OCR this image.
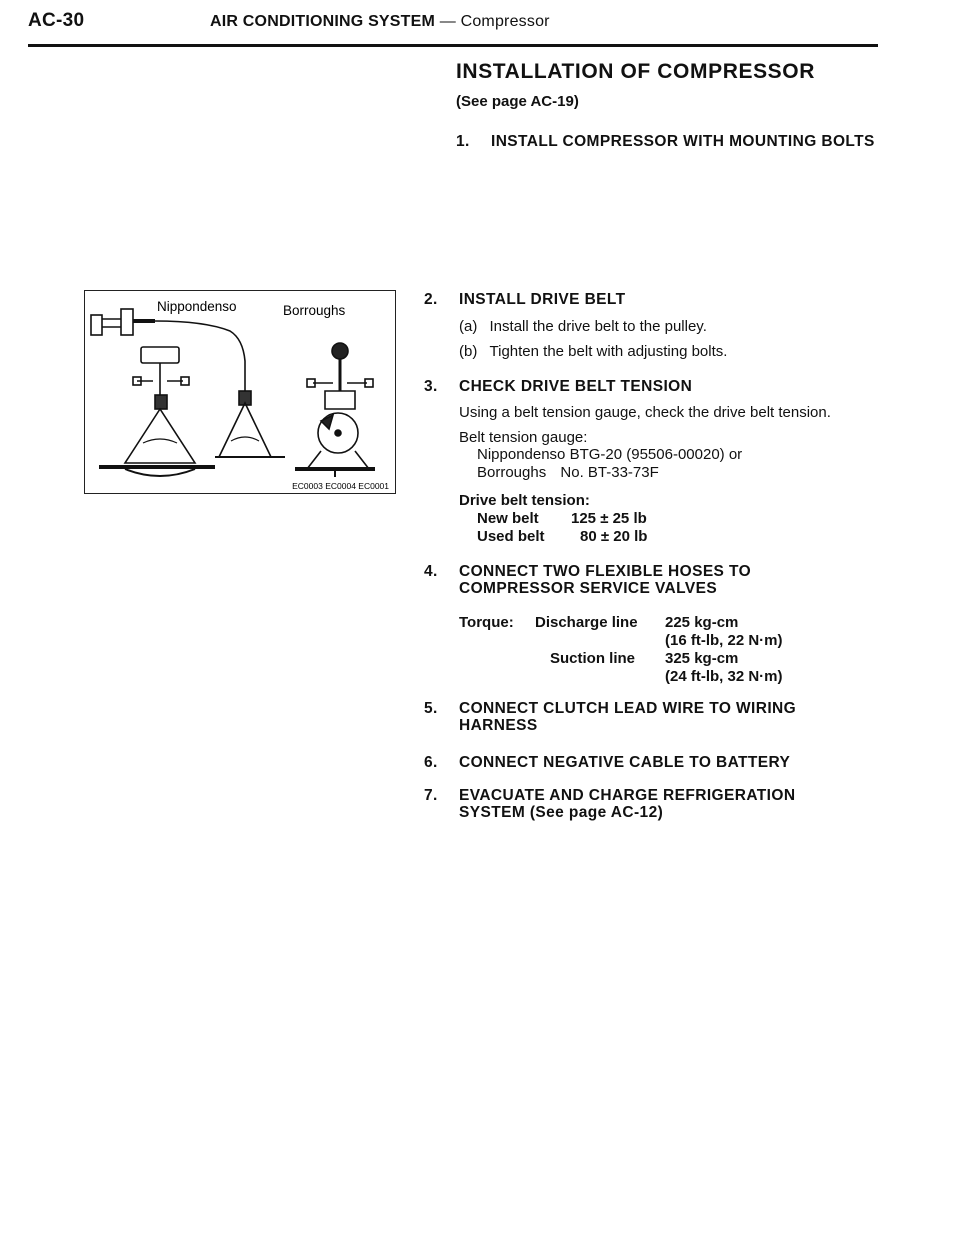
AC-30	AIR CONDITIONING SYSTEM — Compressor
INSTALLATION OF COMPRESSOR
(See page AC-19)
1. INSTALL COMPRESSOR WITH MOUNTING BOLTS
Nippondenso	Borroughs
EC0003 EC0004 EC0001
2. INSTALL DRIVE BELT
(a) Install the drive belt to the pulley.
(b) Tighten the belt with adjusting bolts.
3. CHECK DRIVE BELT TENSION
Using a belt tension gauge, check the drive belt tension.
Belt tension gauge:
Nippondenso BTG-20 (95506-00020) or
Borroughs No. BT-33-73F
Drive belt tension:
New belt	125 ± 25 lb
Used belt	80 ± 20 lb
4. CONNECT TWO FLEXIBLE HOSES TO
COMPRESSOR SERVICE VALVES
Torque: Discharge line 225 kg-cm
(16 ft-lb, 22 N·m)
Suction line 325 kg-cm
(24 ft-lb, 32 N·m)
5. CONNECT CLUTCH LEAD WIRE TO WIRING
HARNESS
6. CONNECT NEGATIVE CABLE TO BATTERY
7. EVACUATE AND CHARGE REFRIGERATION
SYSTEM (See page AC-12)
